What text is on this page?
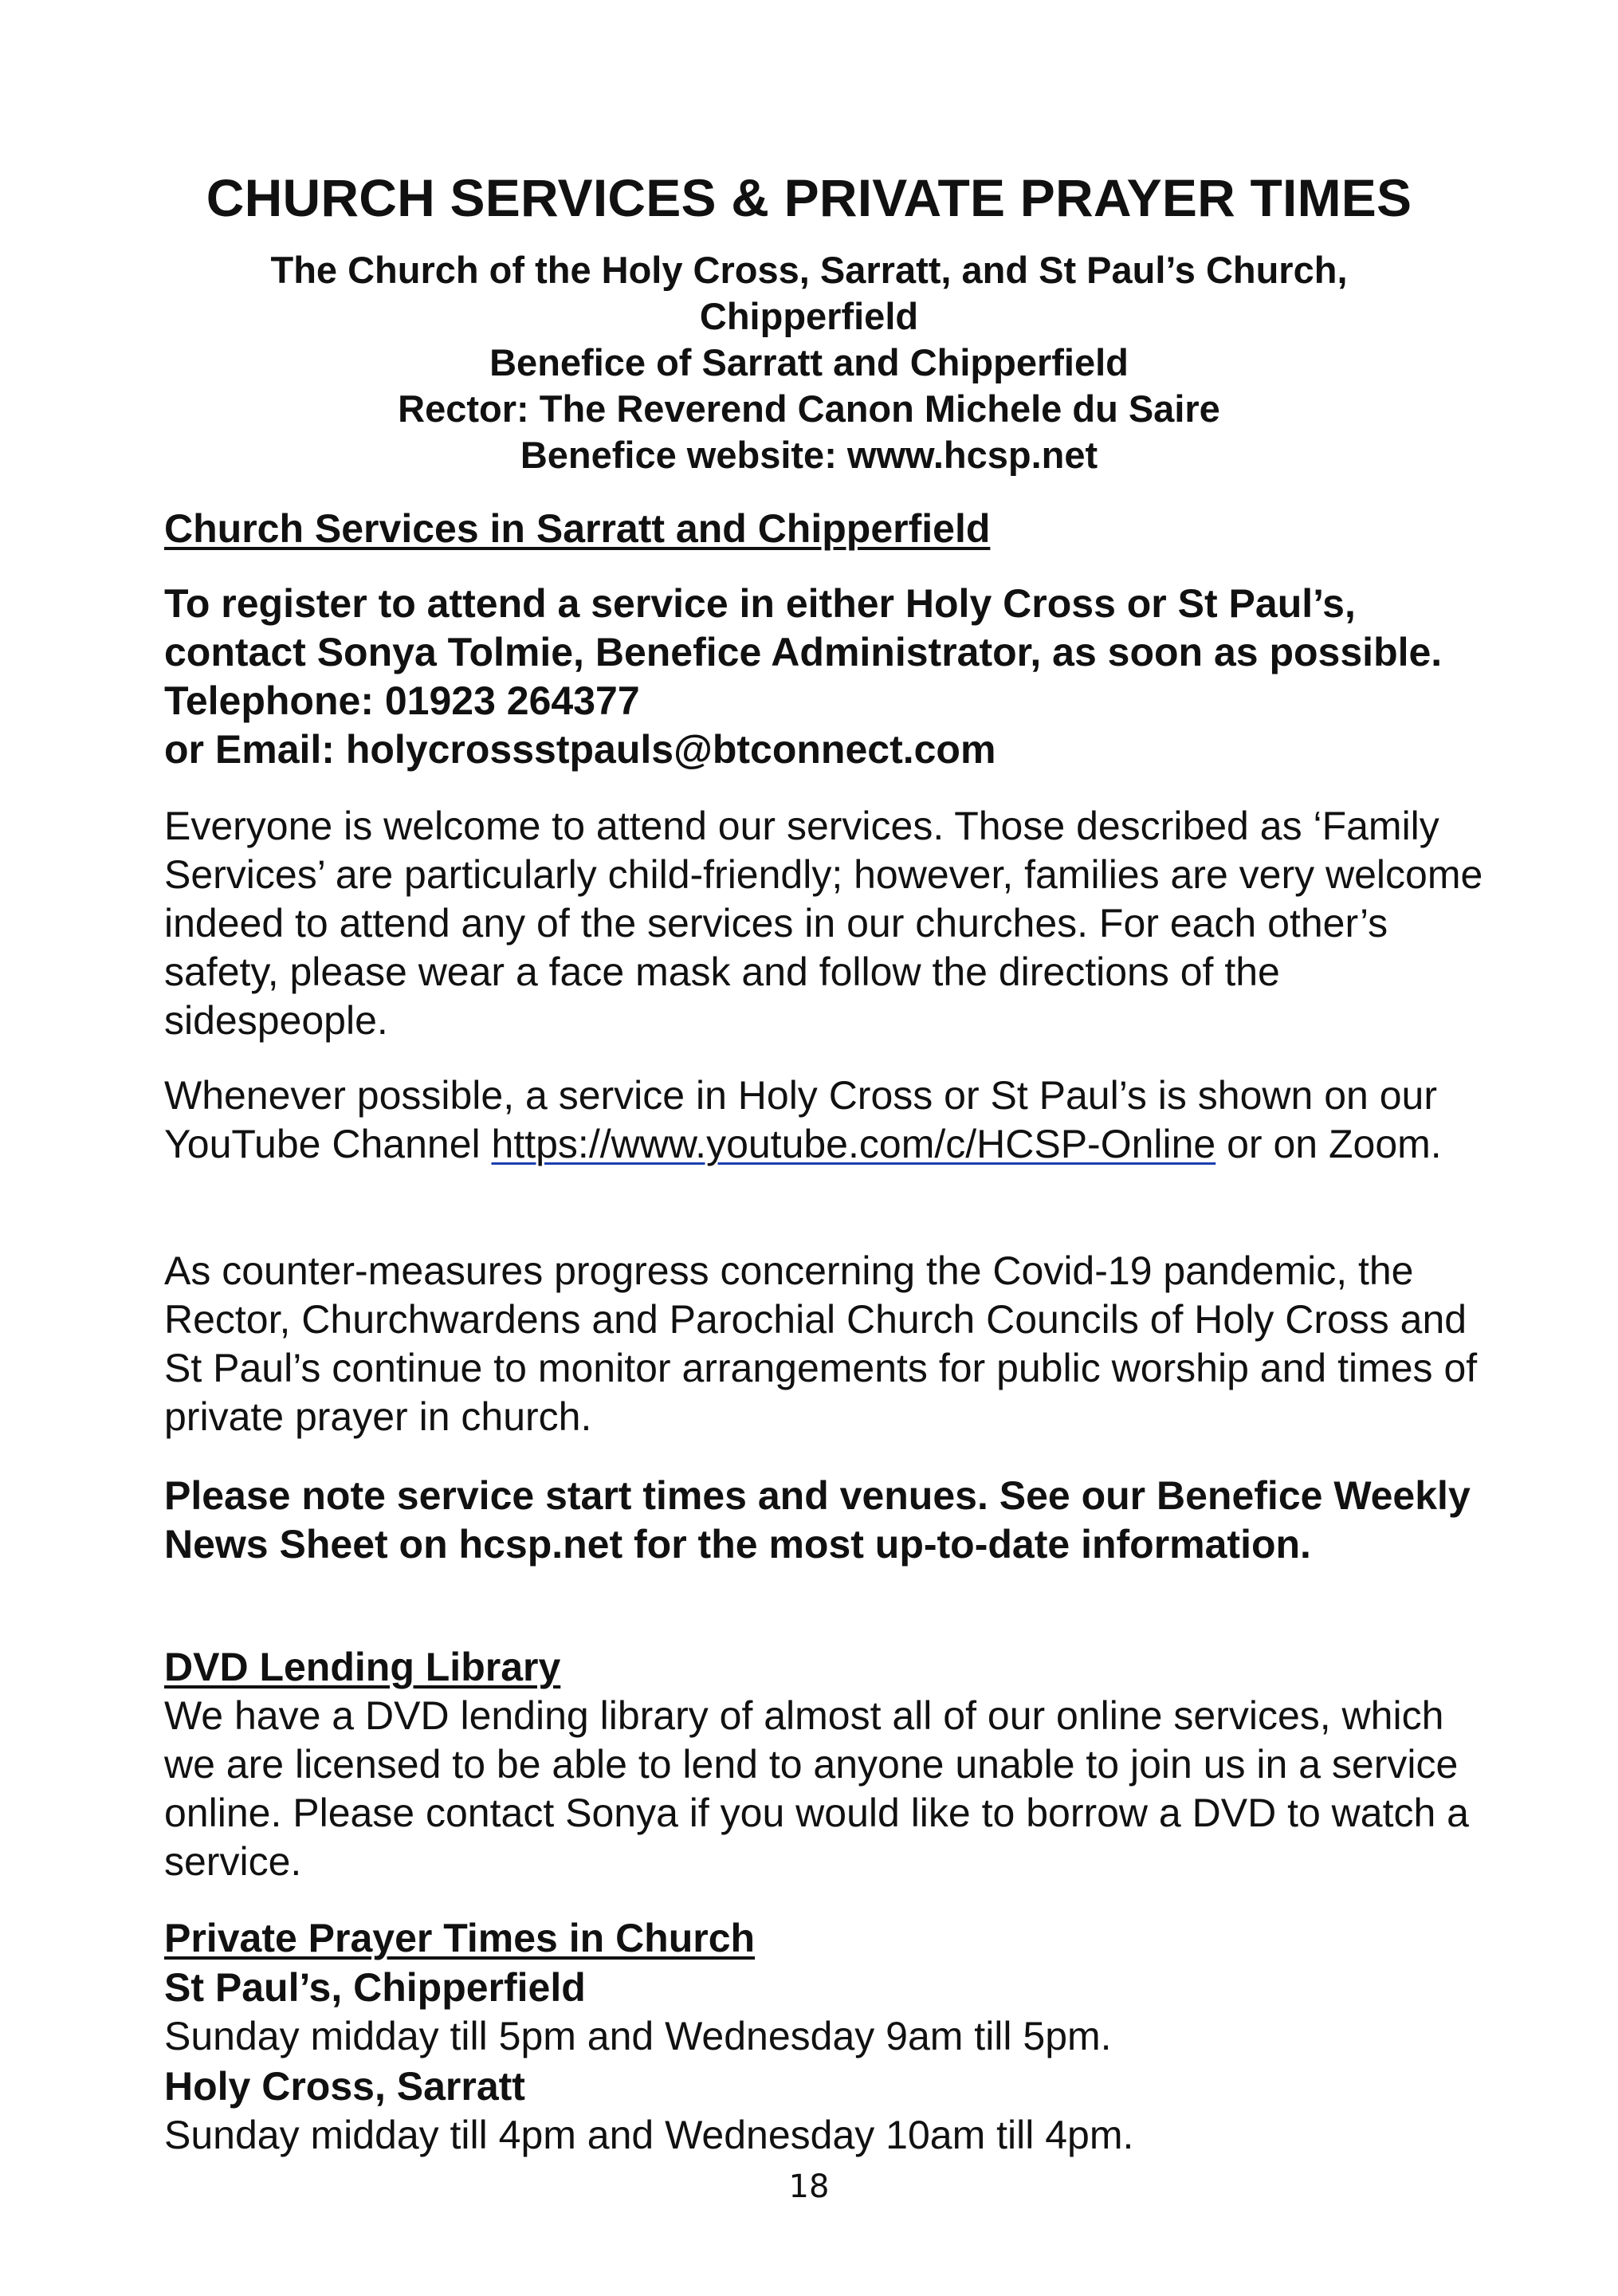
CHURCH SERVICES & PRIVATE PRAYER TIMES

The Church of the Holy Cross, Sarratt, and St Paul’s Church,

Chipperfield

Benefice of Sarratt and Chipperfield

Rector: The Reverend Canon Michele du Saire

Benefice website: www.hcsp.net

Church Services in Sarratt and Chipperfield
To register to attend a service in either Holy Cross or St Paul’s, contact Sonya Tolmie, Benefice Administrator, as soon as possible. Telephone: 01923 264377
or Email: holycrossstpauls@btconnect.com
Everyone is welcome to attend our services. Those described as ‘Family Services’ are particularly child-friendly; however, families are very welcome indeed to attend any of the services in our churches. For each other’s safety, please wear a face mask and follow the directions of the sidespeople.
Whenever possible, a service in Holy Cross or St Paul’s is shown on our YouTube Channel https://www.youtube.com/c/HCSP-Online or on Zoom.
As counter-measures progress concerning the Covid-19 pandemic, the Rector, Churchwardens and Parochial Church Councils of Holy Cross and St Paul’s continue to monitor arrangements for public worship and times of private prayer in church.
Please note service start times and venues. See our Benefice Weekly News Sheet on hcsp.net for the most up-to-date information.
DVD Lending Library
We have a DVD lending library of almost all of our online services, which we are licensed to be able to lend to anyone unable to join us in a service online. Please contact Sonya if you would like to borrow a DVD to watch a service.
Private Prayer Times in Church
St Paul’s, Chipperfield
Sunday midday till 5pm and Wednesday 9am till 5pm.
Holy Cross, Sarratt
Sunday midday till 4pm and Wednesday 10am till 4pm.
18
